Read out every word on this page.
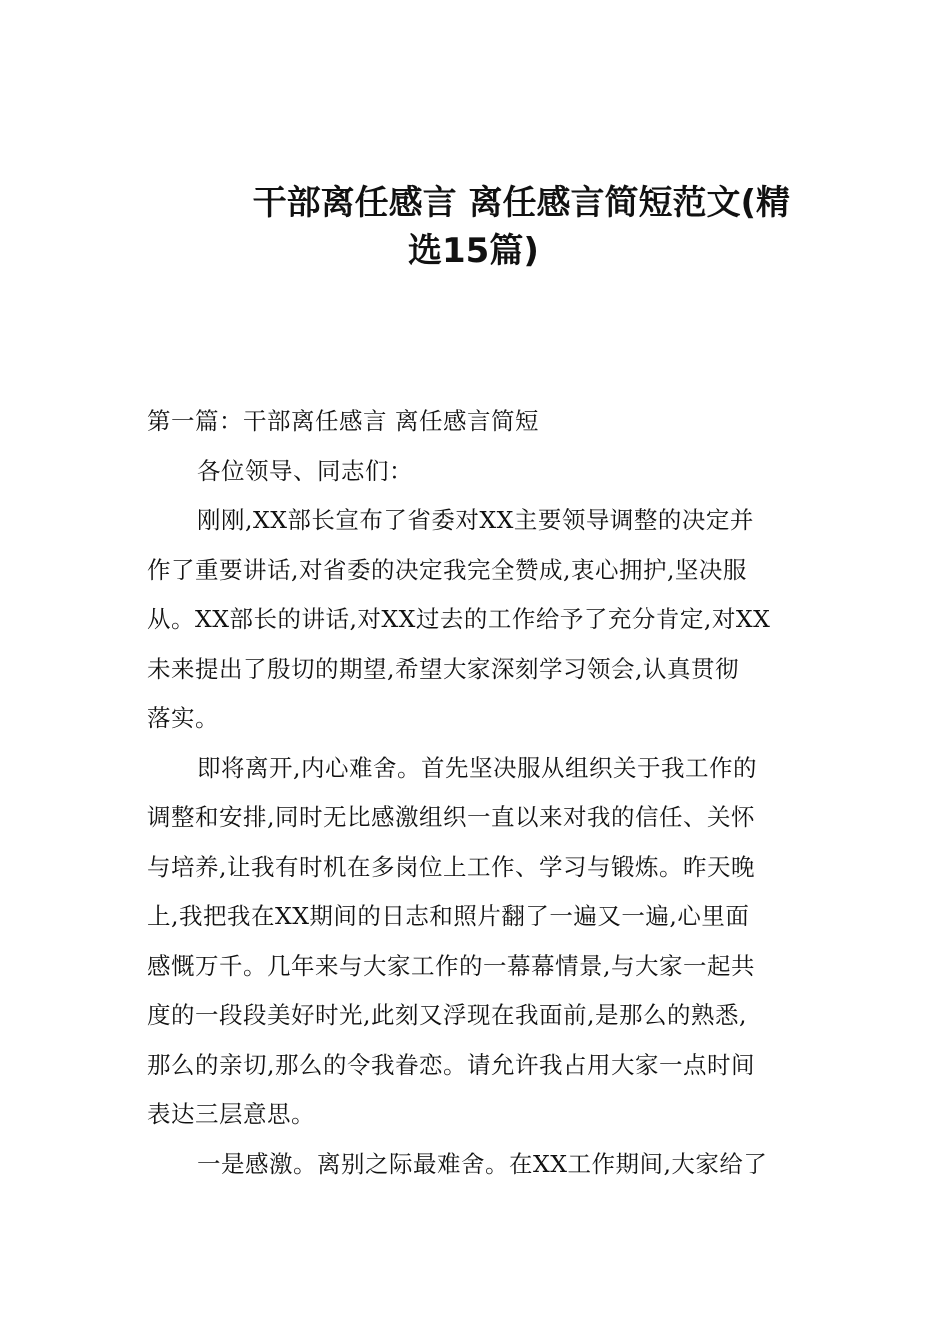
干部离任感言 离任感言简短范文(精
选15篇)
第一篇：干部离任感言 离任感言简短
各位领导、同志们：
刚刚,XX部长宣布了省委对XX主要领导调整的决定并
作了重要讲话,对省委的决定我完全赞成,衷心拥护,坚决服
从。XX部长的讲话,对XX过去的工作给予了充分肯定,对XX
未来提出了殷切的期望,希望大家深刻学习领会,认真贯彻
落实。
即将离开,内心难舍。首先坚决服从组织关于我工作的
调整和安排,同时无比感激组织一直以来对我的信任、关怀
与培养,让我有时机在多岗位上工作、学习与锻炼。昨天晚
上,我把我在XX期间的日志和照片翻了一遍又一遍,心里面
感慨万千。几年来与大家工作的一幕幕情景,与大家一起共
度的一段段美好时光,此刻又浮现在我面前,是那么的熟悉,
那么的亲切,那么的令我眷恋。请允许我占用大家一点时间
表达三层意思。
一是感激。离别之际最难舍。在XX工作期间,大家给了
